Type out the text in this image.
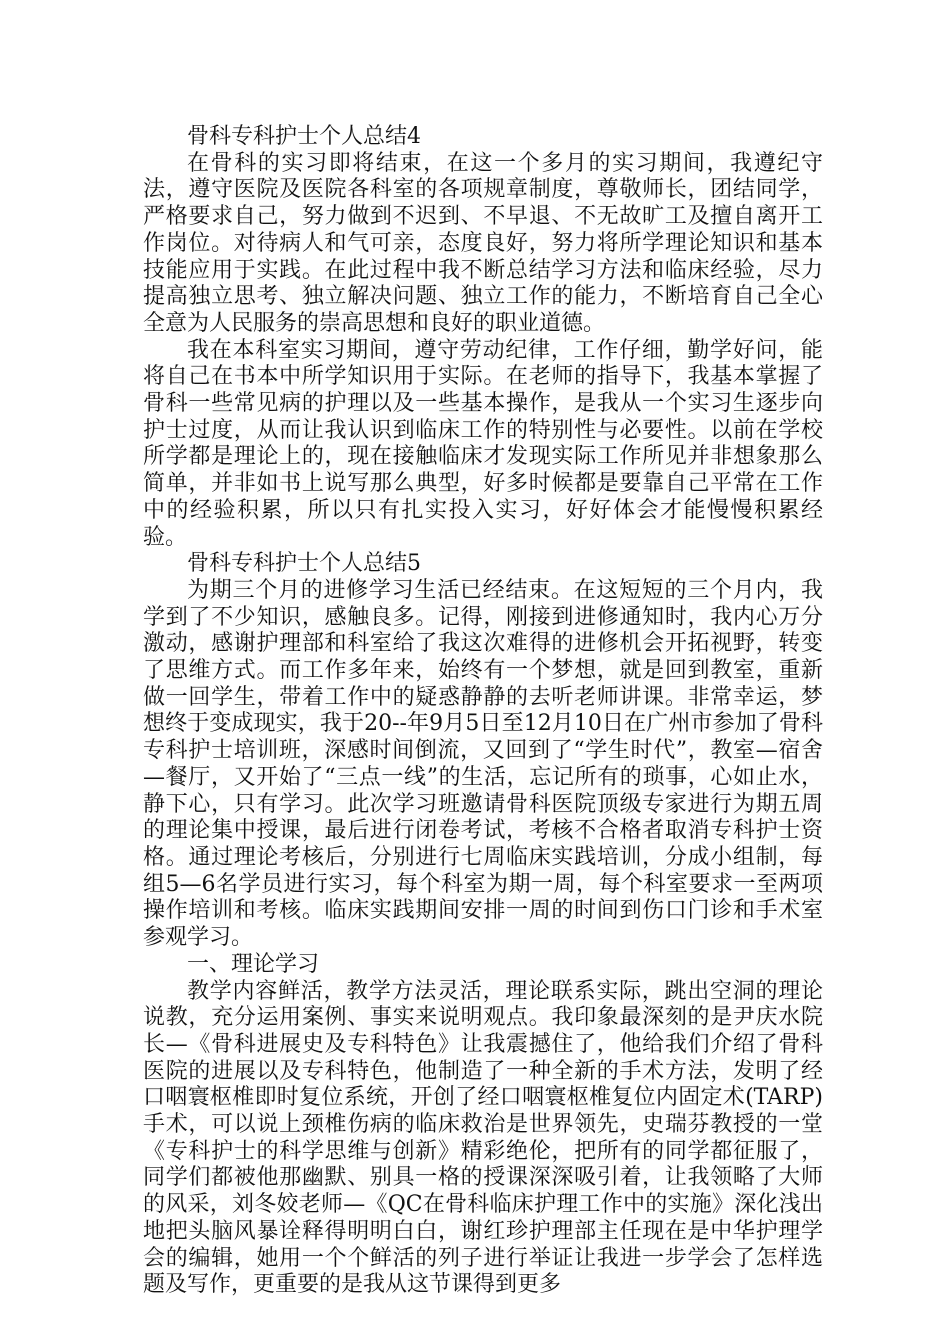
骨科专科护士个人总结4

在骨科的实习即将结束，在这一个多月的实习期间，我遵纪守法，遵守医院及医院各科室的各项规章制度，尊敬师长，团结同学，严格要求自己，努力做到不迟到、不早退、不无故旷工及擅自离开工作岗位。对待病人和气可亲，态度良好，努力将所学理论知识和基本技能应用于实践。在此过程中我不断总结学习方法和临床经验，尽力提高独立思考、独立解决问题、独立工作的能力，不断培育自己全心全意为人民服务的崇高思想和良好的职业道德。

我在本科室实习期间，遵守劳动纪律，工作仔细，勤学好问，能将自己在书本中所学知识用于实际。在老师的指导下，我基本掌握了骨科一些常见病的护理以及一些基本操作，是我从一个实习生逐步向护士过度，从而让我认识到临床工作的特别性与必要性。以前在学校所学都是理论上的，现在接触临床才发现实际工作所见并非想象那么简单，并非如书上说写那么典型，好多时候都是要靠自己平常在工作中的经验积累，所以只有扎实投入实习，好好体会才能慢慢积累经验。

骨科专科护士个人总结5

为期三个月的进修学习生活已经结束。在这短短的三个月内，我学到了不少知识，感触良多。记得，刚接到进修通知时，我内心万分激动，感谢护理部和科室给了我这次难得的进修机会开拓视野，转变了思维方式。而工作多年来，始终有一个梦想，就是回到教室，重新做一回学生，带着工作中的疑惑静静的去听老师讲课。非常幸运，梦想终于变成现实，我于20--年9月5日至12月10日在广州市参加了骨科专科护士培训班，深感时间倒流，又回到了“学生时代”，教室—宿舍—餐厅，又开始了“三点一线”的生活，忘记所有的琐事，心如止水，静下心，只有学习。此次学习班邀请骨科医院顶级专家进行为期五周的理论集中授课，最后进行闭卷考试，考核不合格者取消专科护士资格。通过理论考核后，分别进行七周临床实践培训，分成小组制，每组5—6名学员进行实习，每个科室为期一周，每个科室要求一至两项操作培训和考核。临床实践期间安排一周的时间到伤口门诊和手术室参观学习。

一、理论学习

教学内容鲜活，教学方法灵活，理论联系实际，跳出空洞的理论说教，充分运用案例、事实来说明观点。我印象最深刻的是尹庆水院长—《骨科进展史及专科特色》让我震撼住了，他给我们介绍了骨科医院的进展以及专科特色，他制造了一种全新的手术方法，发明了经口咽寰枢椎即时复位系统，开创了经口咽寰枢椎复位内固定术(TARP)手术，可以说上颈椎伤病的临床救治是世界领先，史瑞芬教授的一堂《专科护士的科学思维与创新》精彩绝伦，把所有的同学都征服了，同学们都被他那幽默、别具一格的授课深深吸引着，让我领略了大师的风采，刘冬姣老师—《QC在骨科临床护理工作中的实施》深化浅出地把头脑风暴诠释得明明白白，谢红珍护理部主任现在是中华护理学会的编辑，她用一个个鲜活的列子进行举证让我进一步学会了怎样选题及写作，更重要的是我从这节课得到更多
